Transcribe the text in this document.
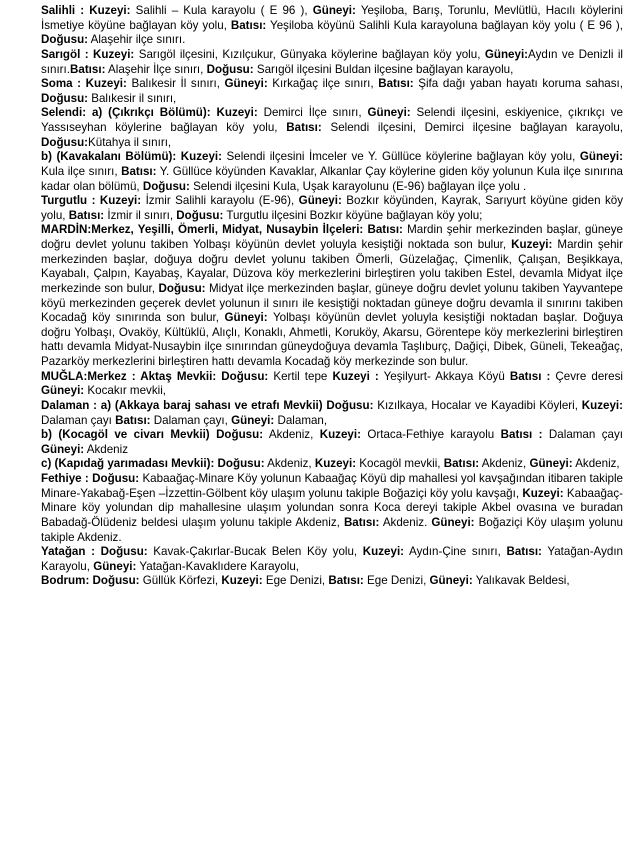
Salihli : Kuzeyi: Salihli – Kula karayolu ( E 96 ), Güneyi: Yeşiloba, Barış, Torunlu, Mevlütlü, Hacılı köylerini İsmetiye köyüne bağlayan köy yolu, Batısı: Yeşiloba köyünü Salihli Kula karayoluna bağlayan köy yolu ( E 96 ), Doğusu: Alaşehir ilçe sınırı.
Sarıgöl : Kuzeyi: Sarıgöl ilçesini, Kızılçukur, Günyaka köylerine bağlayan köy yolu, Güneyi:Aydın ve Denizli il sınırı.Batısı: Alaşehir İlçe sınırı, Doğusu: Sarıgöl ilçesini Buldan ilçesine bağlayan karayolu,
Soma : Kuzeyi: Balıkesir İl sınırı, Güneyi: Kırkağaç ilçe sınırı, Batısı: Şifa dağı yaban hayatı koruma sahası, Doğusu: Balıkesir il sınırı,
Selendi: a) (Çıkrıkçı Bölümü): Kuzeyi: Demirci İlçe sınırı, Güneyi: Selendi ilçesini, eskiyenice, çıkrıkçı ve Yassıseyhan köylerine bağlayan köy yolu, Batısı: Selendi ilçesini, Demirci ilçesine bağlayan karayolu, Doğusu:Kütahya il sınırı,
b) (Kavakalanı Bölümü): Kuzeyi: Selendi ilçesini İmceler ve Y. Güllüce köylerine bağlayan köy yolu, Güneyi: Kula ilçe sınırı, Batısı: Y. Güllüce köyünden Kavaklar, Alkanlar Çay köylerine giden köy yolunun Kula ilçe sınırına kadar olan bölümü, Doğusu: Selendi ilçesini Kula, Uşak karayolunu (E-96) bağlayan ilçe yolu .
Turgutlu : Kuzeyi: İzmir Salihli karayolu (E-96), Güneyi: Bozkır köyünden, Kayrak, Sarıyurt köyüne giden köy yolu, Batısı: İzmir il sınırı, Doğusu: Turgutlu ilçesini Bozkır köyüne bağlayan köy yolu;
MARDİN:Merkez, Yeşilli, Ömerli, Midyat, Nusaybin İlçeleri: Batısı: Mardin şehir merkezinden başlar, güneye doğru devlet yolunu takiben Yolbaşı köyünün devlet yoluyla kesiştiği noktada son bulur, Kuzeyi: Mardin şehir merkezinden başlar, doğuya doğru devlet yolunu takiben Ömerli, Güzelağaç, Çimenlik, Çalışan, Beşikkaya, Kayabalı, Çalpın, Kayabaş, Kayalar, Düzova köy merkezlerini birleştiren yolu takiben Estel, devamla Midyat ilçe merkezinde son bulur, Doğusu: Midyat ilçe merkezinden başlar, güneye doğru devlet yolunu takiben Yayvantepe köyü merkezinden geçerek devlet yolunun il sınırı ile kesiştiği noktadan güneye doğru devamla il sınırını takiben Kocadağ köy sınırında son bulur, Güneyi: Yolbaşı köyünün devlet yoluyla kesiştiği noktadan başlar. Doğuya doğru Yolbaşı, Ovaköy, Kültüklü, Alıçlı, Konaklı, Ahmetli, Koruköy, Akarsu, Görentepe köy merkezlerini birleştiren hattı devamla Midyat-Nusaybin ilçe sınırından güneydoğuya devamla Taşlıburç, Dağiçi, Dibek, Güneli, Tekeağaç, Pazarköy merkezlerini birleştiren hattı devamla Kocadağ köy merkezinde son bulur.
MUĞLA:Merkez : Aktaş Mevkii: Doğusu: Kertil tepe Kuzeyi : Yeşilyurt- Akkaya Köyü Batısı : Çevre deresi Güneyi: Kocakır mevkii,
Dalaman : a) (Akkaya baraj sahası ve etrafı Mevkii) Doğusu: Kızılkaya, Hocalar ve Kayadibi Köyleri, Kuzeyi: Dalaman çayı Batısı: Dalaman çayı, Güneyi: Dalaman,
b) (Kocagöl ve civarı Mevkii) Doğusu: Akdeniz, Kuzeyi: Ortaca-Fethiye karayolu Batısı : Dalaman çayı Güneyi: Akdeniz
c) (Kapıdağ yarımadası Mevkii): Doğusu: Akdeniz, Kuzeyi: Kocagöl mevkii, Batısı: Akdeniz, Güneyi: Akdeniz,
Fethiye : Doğusu: Kabaağaç-Minare Köy yolunun Kabaağaç Köyü dip mahallesi yol kavşağından itibaren takiple Minare-Yakabağ-Eşen –İzzettin-Gölbent köy ulaşım yolunu takiple Boğaziçi köy yolu kavşağı, Kuzeyi: Kabaağaç-Minare köy yolundan dip mahallesine ulaşım yolundan sonra Koca dereyi takiple Akbel ovasına ve buradan Babadağ-Ölüdeniz beldesi ulaşım yolunu takiple Akdeniz, Batısı: Akdeniz. Güneyi: Boğaziçi Köy ulaşım yolunu takiple Akdeniz.
Yatağan : Doğusu: Kavak-Çakırlar-Bucak Belen Köy yolu, Kuzeyi: Aydın-Çine sınırı, Batısı: Yatağan-Aydın Karayolu, Güneyi: Yatağan-Kavaklıdere Karayolu,
Bodrum: Doğusu: Güllük Körfezi, Kuzeyi: Ege Denizi, Batısı: Ege Denizi, Güneyi: Yalıkavak Beldesi,
